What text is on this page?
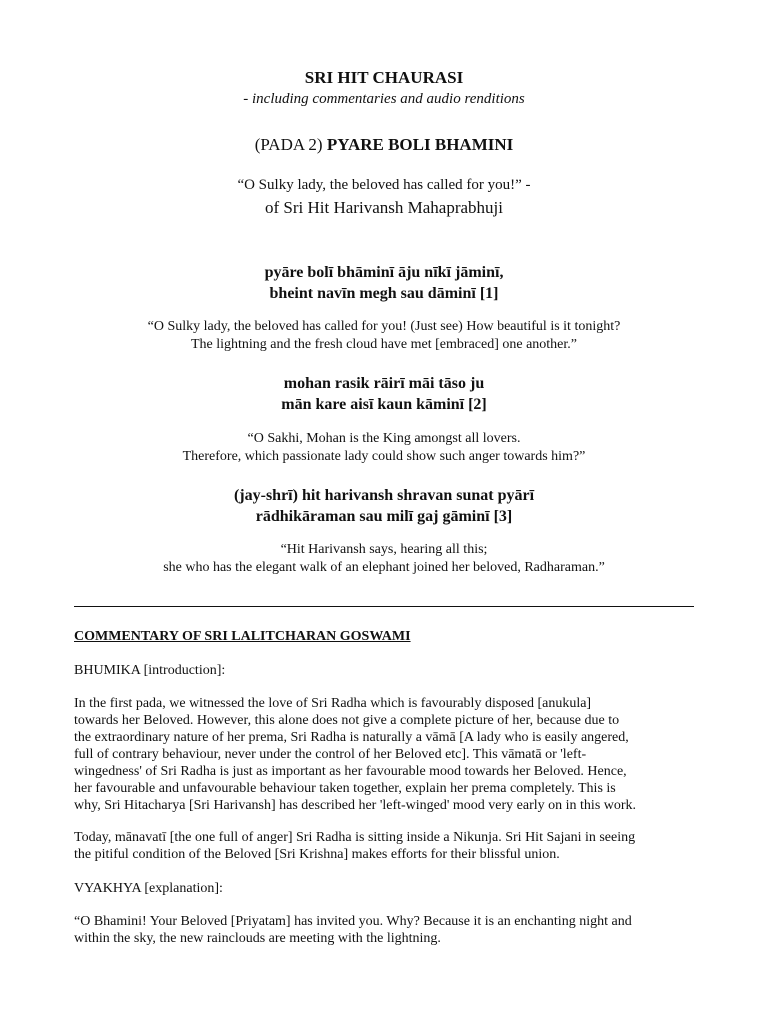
SRI HIT CHAURASI
- including commentaries and audio renditions
(PADA 2) PYARE BOLI BHAMINI
“O Sulky lady, the beloved has called for you!” -
of Sri Hit Harivansh Mahaprabhuji
pyāre bolī bhāminī āju nīkī jāminī,
bheint navīn megh sau dāminī [1]
“O Sulky lady, the beloved has called for you! (Just see) How beautiful is it tonight?
The lightning and the fresh cloud have met [embraced] one another.”
mohan rasik rāirī māi tāso ju
mān kare aisī kaun kāminī [2]
“O Sakhi, Mohan is the King amongst all lovers.
Therefore, which passionate lady could show such anger towards him?”
(jay-shrī) hit harivansh shravan sunat pyārī
rādhikāraman sau milī gaj gāminī [3]
“Hit Harivansh says, hearing all this;
she who has the elegant walk of an elephant joined her beloved, Radharaman.”
COMMENTARY OF SRI LALITCHARAN GOSWAMI
BHUMIKA [introduction]:
In the first pada, we witnessed the love of Sri Radha which is favourably disposed [anukula]
towards her Beloved. However, this alone does not give a complete picture of her, because due to
the extraordinary nature of her prema, Sri Radha is naturally a vāmā [A lady who is easily angered,
full of contrary behaviour, never under the control of her Beloved etc]. This vāmatā or 'left-
wingedness' of Sri Radha is just as important as her favourable mood towards her Beloved. Hence,
her favourable and unfavourable behaviour taken together, explain her prema completely. This is
why, Sri Hitacharya [Sri Harivansh] has described her 'left-winged' mood very early on in this work.
Today, mānavatī [the one full of anger] Sri Radha is sitting inside a Nikunja. Sri Hit Sajani in seeing
the pitiful condition of the Beloved [Sri Krishna] makes efforts for their blissful union.
VYAKHYA [explanation]:
“O Bhamini! Your Beloved [Priyatam] has invited you. Why? Because it is an enchanting night and
within the sky, the new rainclouds are meeting with the lightning.
